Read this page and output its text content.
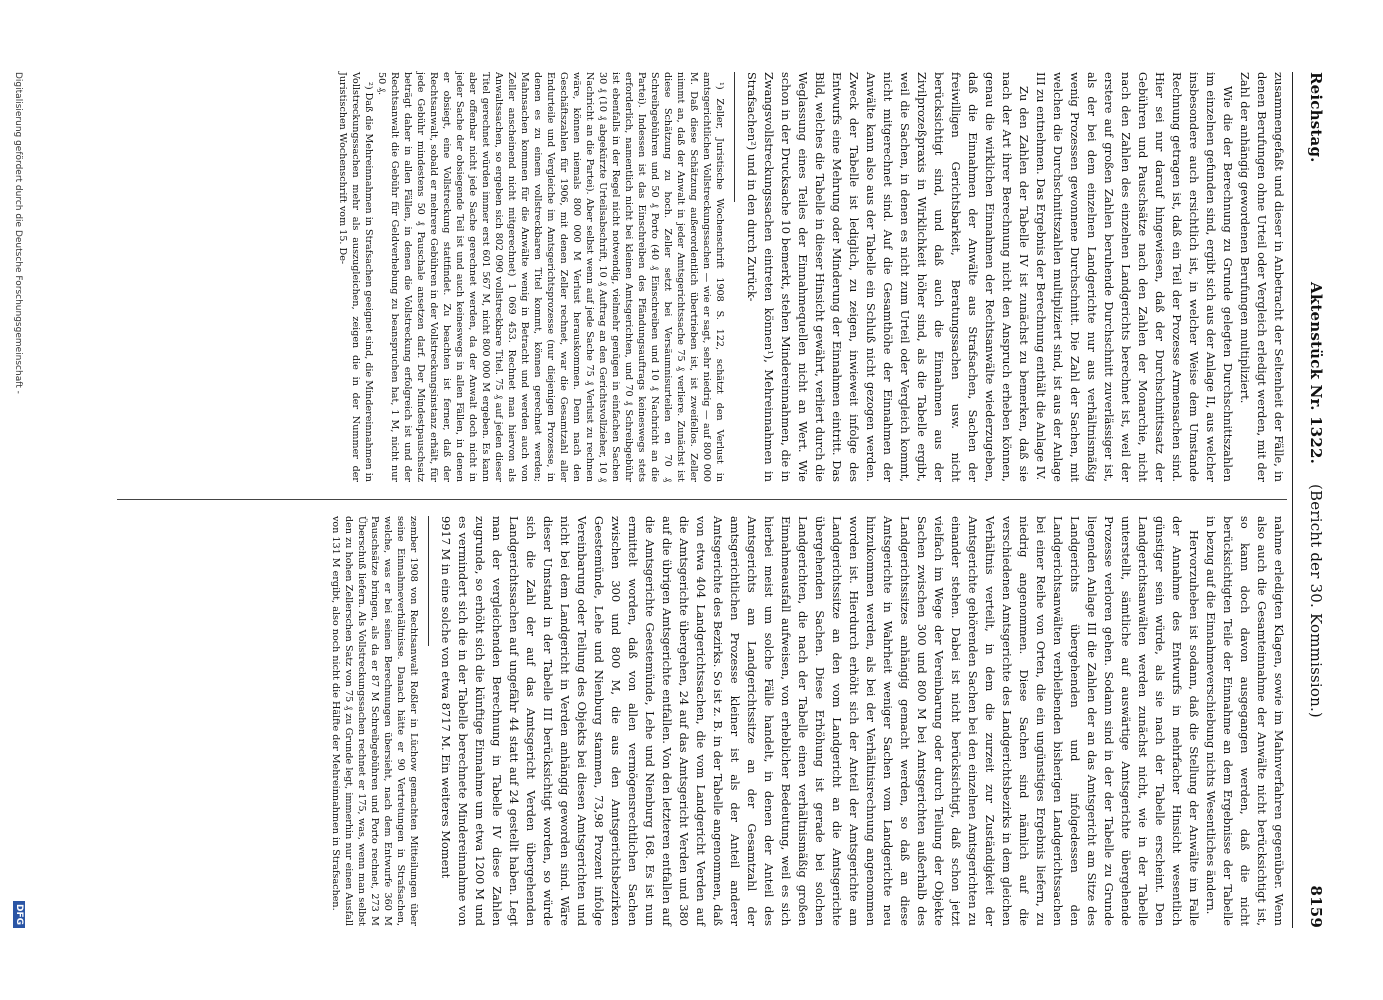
Reichstag.
Aktenstück Nr. 1322.    (Bericht der 30. Kommission.)
8159

zusammengefaßt und dieser in Anbetracht der Seltenheit der Fälle, in denen Berufungen ohne Urteil oder Vergleich erledigt werden, mit der Zahl der anhängig gewordenen Berufungen multipliziert.

Wie die der Berechnung zu Grunde gelegten Durchschnittszahlen im einzelnen gefunden sind, ergibt sich aus der Anlage II, aus welcher insbesondere auch ersichtlich ist, in welcher Weise dem Umstande Rechnung getragen ist, daß ein Teil der Prozesse Armensachen sind. Hier sei nur darauf hingewiesen, daß der Durchschnittssatz der Gebühren und Pauschsätze nach den Zahlen der Monarchie, nicht nach den Zahlen des einzelnen Landgerichts berechnet ist, weil der erstere auf großen Zahlen beruhende Durchschnitt zuverlässiger ist, als der bei dem einzelnen Landgerichte nur aus verhältnismäßig wenig Prozessen gewonnene Durchschnitt. Die Zahl der Sachen, mit welchen die Durchschnittszahlen multipliziert sind, ist aus der Anlage III zu entnehmen. Das Ergebnis der Berechnung enthält die Anlage IV.

Zu den Zahlen der Tabelle IV ist zunächst zu bemerken, daß sie nach der Art ihrer Berechnung nicht den Anspruch erheben können, genau die wirklichen Einnahmen der Rechtsanwälte wiederzugeben, daß die Einnahmen der Anwälte aus Strafsachen, Sachen der freiwilligen Gerichtsbarkeit, Beratungssachen usw. nicht berücksichtigt sind, und daß auch die Einnahmen aus der Zivilprozeßpraxis in Wirklichkeit höher sind, als die Tabelle ergibt, weil die Sachen, in denen es nicht zum Urteil oder Vergleich kommt, nicht mitgerechnet sind. Auf die Gesamthöhe der Einnahmen der Anwälte kann also aus der Tabelle ein Schluß nicht gezogen werden. Zweck der Tabelle ist lediglich, zu zeigen, inwieweit infolge des Entwurfs eine Mehrung oder Minderung der Einnahmen eintritt. Das Bild, welches die Tabelle in dieser Hinsicht gewährt, verliert durch die Weglassung eines Teiles der Einnahmequellen nicht an Wert. Wie schon in der Drucksache 10 bemerkt, stehen Mindereinnahmen, die in Zwangsvollstreckungssachen eintreten können¹), Mehreinnahmen in Strafsachen²) und in den durch Zurück-

¹) Zeller, Juristische Wochenschrift 1908 S. 122, schätzt den Verlust in amtsgerichtlichen Vollstreckungssachen — wie er sagt, sehr niedrig — auf 800 000 M. Daß diese Schätzung außerordentlich übertrieben ist, ist zweifellos. Zeller nimmt an, daß der Anwalt in jeder Amtsgerichtssache 75 ₰ verliere. Zunächst ist diese Schätzung zu hoch. Zeller setzt bei Versäumnisurteilen en 70 ₰ Schreibgebühren und 50 ₰ Porto (40 ₰ Einschreiben und 10 ₰ Nachricht an die Partei). Indessen ist das Einschreiben des Pfändungsauftrags keineswegs stets erforderlich, namentlich nicht bei kleinen Amtsgerichten, und 70 ₰ Schreibgebühr ist ebenfalls in der Regel nicht notwendig, vielmehr genügen in einfachen Sachen 30 ₰ (10 ₰ abgekürzte Urteilsabschrift, 10 ₰ Auftrag an den Gerichtsvollzieher, 10 ₰ Nachricht an die Partei). Aber selbst wenn auf jede Sache 75 ₰ Verlust zu rechnen wäre, können niemals 800 000 M Verlust herauskommen. Denn nach den Geschäftszahlen für 1906, mit denen Zeller rechnet, war die Gesamtzahl aller Endurteile und Vergleiche im Amtsgerichtsprozesse (nur diejenigen Prozesse, in denen es zu einem vollstreckbaren Titel kommt, können gerechnet werden; Mahnsachen kommen für die Anwälte wenig in Betracht und werden auch von Zeller anscheinend nicht mitgerechnet) 1 069 453. Rechnet man hiervon als Anwaltssachen, so ergeben sich 802 090 vollstreckbare Titel. 75 ₰ auf jeden dieser Titel gerechnet würden immer erst 601 567 M, nicht 800 000 M ergeben. Es kann aber offenbar nicht jede Sache gerechnet werden, da der Anwalt doch nicht in jeder Sache der obsiegende Teil ist und auch keineswegs in allen Fällen, in denen er obsiegt, eine Vollstreckung stattfindet. Zu beachten ist ferner, daß der Rechtsanwalt, sobald er mehrere Gebühren in der Vollstreckungsinstanz erhält, für jede Gebühr mindestens 50 ₰ Pauschale ansetzen darf. Der Mindestpauschsatz beträgt daher in allen Fällen, in denen die Vollstreckung erfolgreich ist und der Rechtsanwalt die Gebühr für Geldverhebung zu beanspruchen hat, 1 M, nicht nur 50 ₰.

²) Daß die Mehreinnahmen in Strafsachen geeignet sind, die Mindereinnahmen in Vollstreckungssachen mehr als auszugleichen, zeigen die in der Nummer der Juristischen Wochenschrift vom 15. De-

nahme erledigten Klagen, sowie im Mahnverfahren gegenüber. Wenn also auch die Gesamteinnahme der Anwälte nicht berücksichtigt ist, so kann doch davon ausgegangen werden, daß die nicht berücksichtigten Teile der Einnahme an dem Ergebnisse der Tabelle in bezug auf die Einnahmeverschiebung nichts Wesentliches ändern.

Hervorzuheben ist sodann, daß die Stellung der Anwälte im Falle der Annahme des Entwurfs in mehrfacher Hinsicht wesentlich günstiger sein würde, als sie nach der Tabelle erscheint. Den Landgerichtsanwälten werden zunächst nicht, wie in der Tabelle unterstellt, sämtliche auf auswärtige Amtsgerichte übergehende Prozesse verloren gehen. Sodann sind in der der Tabelle zu Grunde liegenden Anlage III die Zahlen der an das Amtsgericht am Sitze des Landgerichts übergehenden und infolgedessen den Landgerichtsanwälten verbleibenden bisherigen Landgerichtssachen bei einer Reihe von Orten, die ein ungünstiges Ergebnis liefern, zu niedrig angenommen. Diese Sachen sind nämlich auf die verschiedenen Amtsgerichte des Landgerichtsbezirks in dem gleichen Verhältnis verteilt, in dem die zurzeit zur Zuständigkeit der Amtsgerichte gehörenden Sachen bei den einzelnen Amtsgerichten zu einander stehen. Dabei ist nicht berücksichtigt, daß schon jetzt vielfach im Wege der Vereinbarung oder durch Teilung der Objekte Sachen zwischen 300 und 800 M bei Amtsgerichten außerhalb des Landgerichtssitzes anhängig gemacht werden, so daß an diese Amtsgerichte in Wahrheit weniger Sachen vom Landgerichte neu hinzukommen werden, als bei der Verhältnisrechnung angenommen worden ist. Hierdurch erhöht sich der Anteil der Amtsgerichte am Landgerichtssitze an den vom Landgericht an die Amtsgerichte übergehenden Sachen. Diese Erhöhung ist gerade bei solchen Landgerichten, die nach der Tabelle einen verhältnismäßig großen Einnahmeausfall aufweisen, von erheblicher Bedeutung, weil es sich hierbei meist um solche Fälle handelt, in denen der Anteil des Amtsgerichts am Landgerichtssitze an der Gesamtzahl der amtsgerichtlichen Prozesse kleiner ist als der Anteil anderer Amtsgerichte des Bezirks. So ist z. B. in der Tabelle angenommen, daß von etwa 404 Landgerichtssachen, die vom Landgericht Verden auf die Amtsgerichte übergehen, 24 auf das Amtsgericht Verden und 380 auf die übrigen Amtsgerichte entfallen. Von den letzteren entfallen auf die Amtsgerichte Geestemünde, Lehe und Nienburg 168. Es ist nun ermittelt worden, daß von allen vermögensrechtlichen Sachen zwischen 300 und 800 M, die aus den Amtsgerichtsbezirken Geestemünde, Lehe und Nienburg stammen, 73,98 Prozent infolge Vereinbarung oder Teilung des Objekts bei diesen Amtsgerichten und nicht bei dem Landgericht in Verden anhängig geworden sind. Wäre dieser Umstand in der Tabelle III berücksichtigt worden, so würde sich die Zahl der auf das Amtsgericht Verden übergehenden Landgerichtssachen auf ungefähr 44 statt auf 24 gestellt haben. Legt man der vergleichenden Berechnung in Tabelle IV diese Zahlen zugrunde, so erhöht sich die künftige Einnahme um etwa 1200 M und es vermindert sich die in der Tabelle berechnete Mindereinnahme von 9917 M in eine solche von etwa 8717 M. Ein weiteres Moment

zember 1908 von Rechtsanwalt Roßler in Lüchow gemachten Mitteilungen über seine Einnahmeverhältnisse. Danach hätte er 90 Vertretungen in Strafsachen, welche, was er bei seinen Berechnungen übersieht, nach dem Entwurfe 360 M Pauschsätze bringen, als da er 87 M Schreibgebühren und Porto rechnet, 273 M Überschuß liefern. Als Vollstreckungssachen rechnet er 175, was, wenn man selbst den zu hohen Zellerschen Satz von 75 ₰ zu Grunde legt, immerhin nur einen Ausfall von 131 M ergibt, also noch nicht die Hälfte der Mehreinnahmen in Strafsachen.

Digitalisierung gefördert durch die Deutsche Forschungsgemeinschaft -
DFG
